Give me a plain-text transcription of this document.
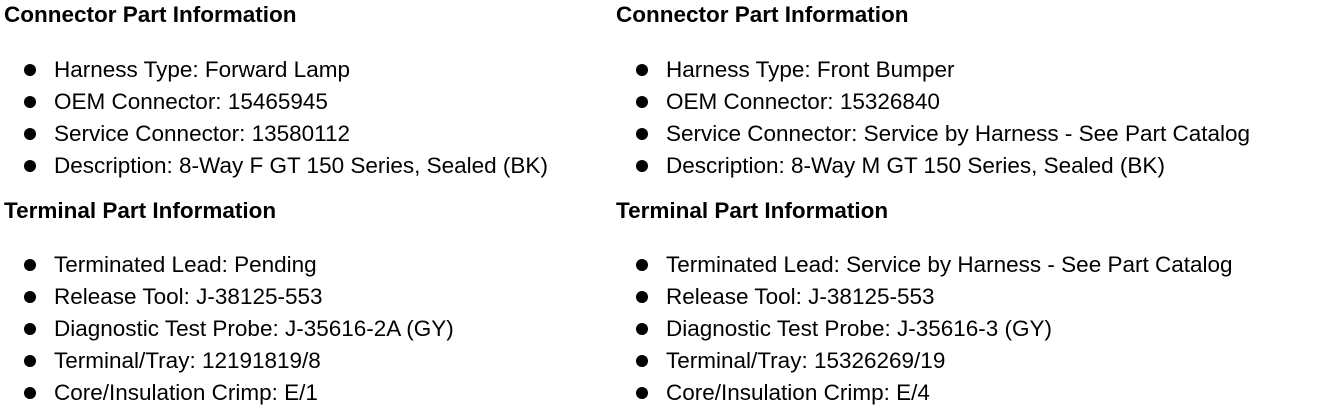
Connector Part Information
Harness Type: Forward Lamp
OEM Connector: 15465945
Service Connector: 13580112
Description: 8-Way F GT 150 Series, Sealed (BK)
Terminal Part Information
Terminated Lead: Pending
Release Tool: J-38125-553
Diagnostic Test Probe: J-35616-2A (GY)
Terminal/Tray: 12191819/8
Core/Insulation Crimp: E/1
Connector Part Information
Harness Type: Front Bumper
OEM Connector: 15326840
Service Connector: Service by Harness - See Part Catalog
Description: 8-Way M GT 150 Series, Sealed (BK)
Terminal Part Information
Terminated Lead: Service by Harness - See Part Catalog
Release Tool: J-38125-553
Diagnostic Test Probe: J-35616-3 (GY)
Terminal/Tray: 15326269/19
Core/Insulation Crimp: E/4
